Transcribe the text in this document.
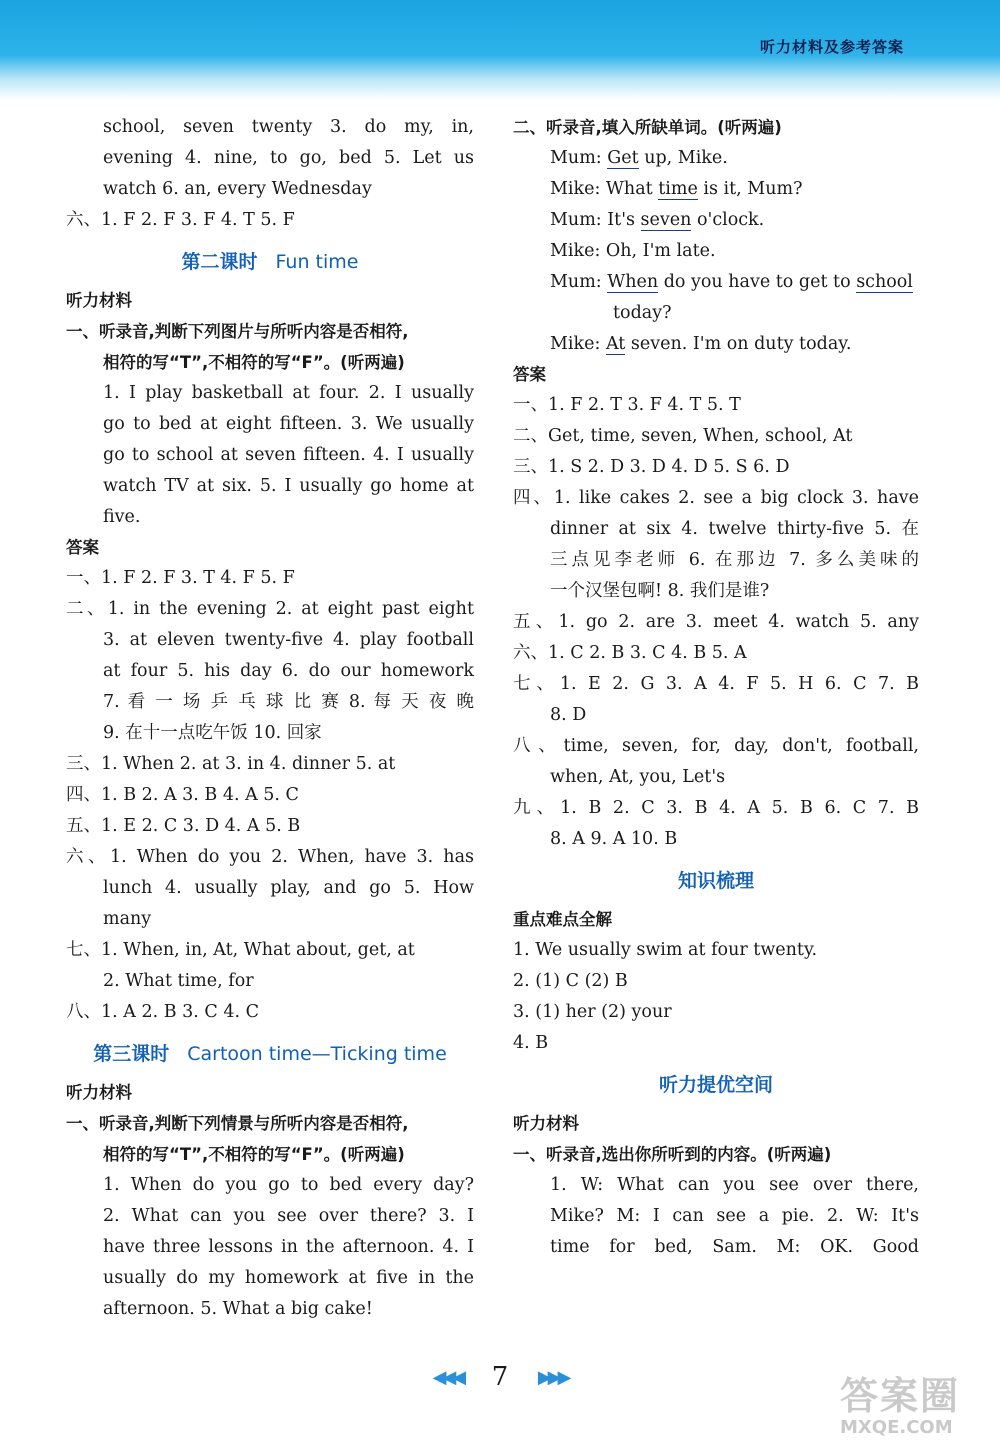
听力材料及参考答案
school, seven twenty 3. do my, in,
evening 4. nine, to go, bed 5. Let us
watch 6. an, every Wednesday
六、1. F 2. F 3. F 4. T 5. F
第二课时 Fun time
听力材料
一、听录音,判断下列图片与所听内容是否相符,
相符的写“T”,不相符的写“F”。(听两遍)
1. I play basketball at four. 2. I usually
go to bed at eight fifteen. 3. We usually
go to school at seven fifteen. 4. I usually
watch TV at six. 5. I usually go home at
five.
答案
一、1. F 2. F 3. T 4. F 5. F
二、1. in the evening 2. at eight past eight
3. at eleven twenty-five 4. play football
at four 5. his day 6. do our homework
7. 看 一 场 乒 乓 球 比 赛 8. 每 天 夜 晚
9. 在十一点吃午饭 10. 回家
三、1. When 2. at 3. in 4. dinner 5. at
四、1. B 2. A 3. B 4. A 5. C
五、1. E 2. C 3. D 4. A 5. B
六、1. When do you 2. When, have 3. has
lunch 4. usually play, and go 5. How
many
七、1. When, in, At, What about, get, at
2. What time, for
八、1. A 2. B 3. C 4. C
第三课时 Cartoon time—Ticking time
听力材料
一、听录音,判断下列情景与所听内容是否相符,
相符的写“T”,不相符的写“F”。(听两遍)
1. When do you go to bed every day?
2. What can you see over there? 3. I
have three lessons in the afternoon. 4. I
usually do my homework at five in the
afternoon. 5. What a big cake!
二、听录音,填入所缺单词。(听两遍)
Mum: Get up, Mike.
Mike: What time is it, Mum?
Mum: It's seven o'clock.
Mike: Oh, I'm late.
Mum: When do you have to get to school
today?
Mike: At seven. I'm on duty today.
答案
一、1. F 2. T 3. F 4. T 5. T
二、Get, time, seven, When, school, At
三、1. S 2. D 3. D 4. D 5. S 6. D
四、1. like cakes 2. see a big clock 3. have
dinner at six 4. twelve thirty-five 5. 在
三点见李老师 6. 在那边 7. 多么美味的
一个汉堡包啊! 8. 我们是谁?
五、1. go 2. are 3. meet 4. watch 5. any
六、1. C 2. B 3. C 4. B 5. A
七、1. E 2. G 3. A 4. F 5. H 6. C 7. B
8. D
八、time, seven, for, day, don't, football,
when, At, you, Let's
九、1. B 2. C 3. B 4. A 5. B 6. C 7. B
8. A 9. A 10. B
知识梳理
重点难点全解
1. We usually swim at four twenty.
2. (1) C (2) B
3. (1) her (2) your
4. B
听力提优空间
听力材料
一、听录音,选出你所听到的内容。(听两遍)
1. W: What can you see over there,
Mike? M: I can see a pie. 2. W: It's
time for bed, Sam. M: OK. Good
◀◀◀ 7 ▶▶▶	答案圈
MXQE.COM
